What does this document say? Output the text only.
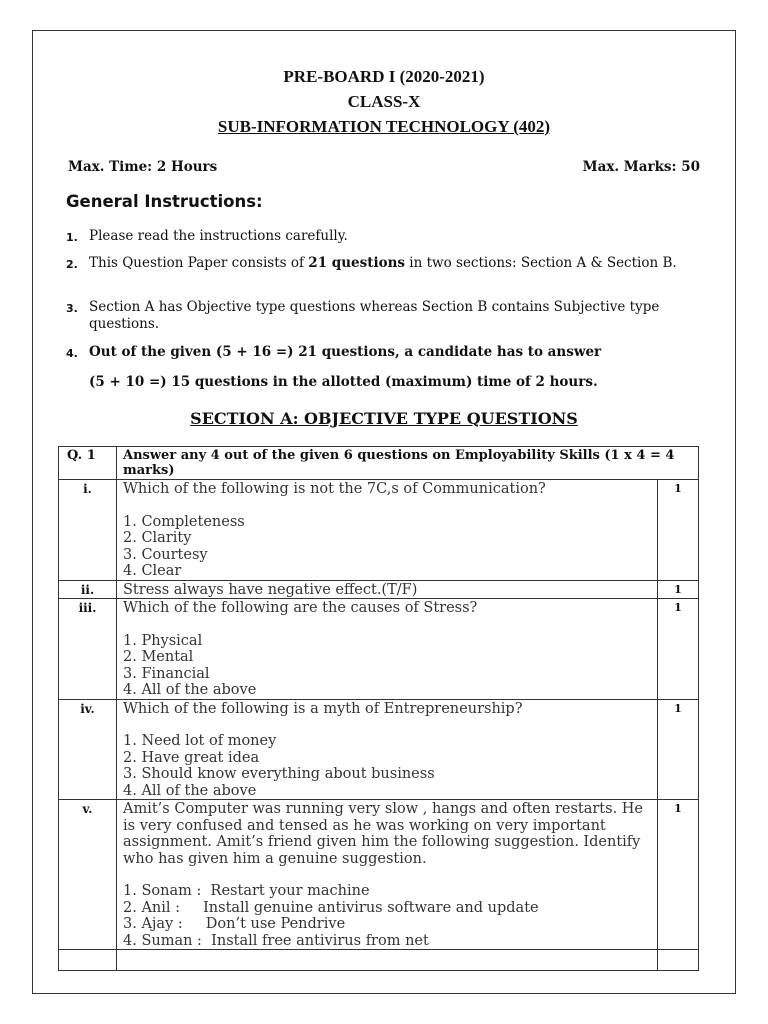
PRE-BOARD I (2020-2021)
CLASS-X
SUB-INFORMATION TECHNOLOGY (402)
Max. Time: 2 Hours	Max. Marks: 50
General Instructions:
1. Please read the instructions carefully.
2. This Question Paper consists of 21 questions in two sections: Section A & Section B.
3. Section A has Objective type questions whereas Section B contains Subjective type questions.
4. Out of the given (5 + 16 =) 21 questions, a candidate has to answer
(5 + 10 =) 15 questions in the allotted (maximum) time of 2 hours.
SECTION A: OBJECTIVE TYPE QUESTIONS
Q. 1	Answer any 4 out of the given 6 questions on Employability Skills (1 x 4 = 4 marks)	
i.	Which of the following is not the 7C,s of Communication?
1. Completeness
2. Clarity
3. Courtesy
4. Clear	1
ii.	Stress always have negative effect.(T/F)	1
iii.	Which of the following are the causes of Stress?
1. Physical
2. Mental
3. Financial
4. All of the above	1
iv.	Which of the following is a myth of Entrepreneurship?
1. Need lot of money
2. Have great idea
3. Should know everything about business
4. All of the above	1
v.	Amit’s Computer was running very slow , hangs and often restarts. He is very confused and tensed as he was working on very important assignment. Amit’s friend given him the following suggestion. Identify who has given him a genuine suggestion.
1. Sonam :  Restart your machine
2. Anil :     Install genuine antivirus software and update
3. Ajay :     Don’t use Pendrive
4. Suman :  Install free antivirus from net	1
